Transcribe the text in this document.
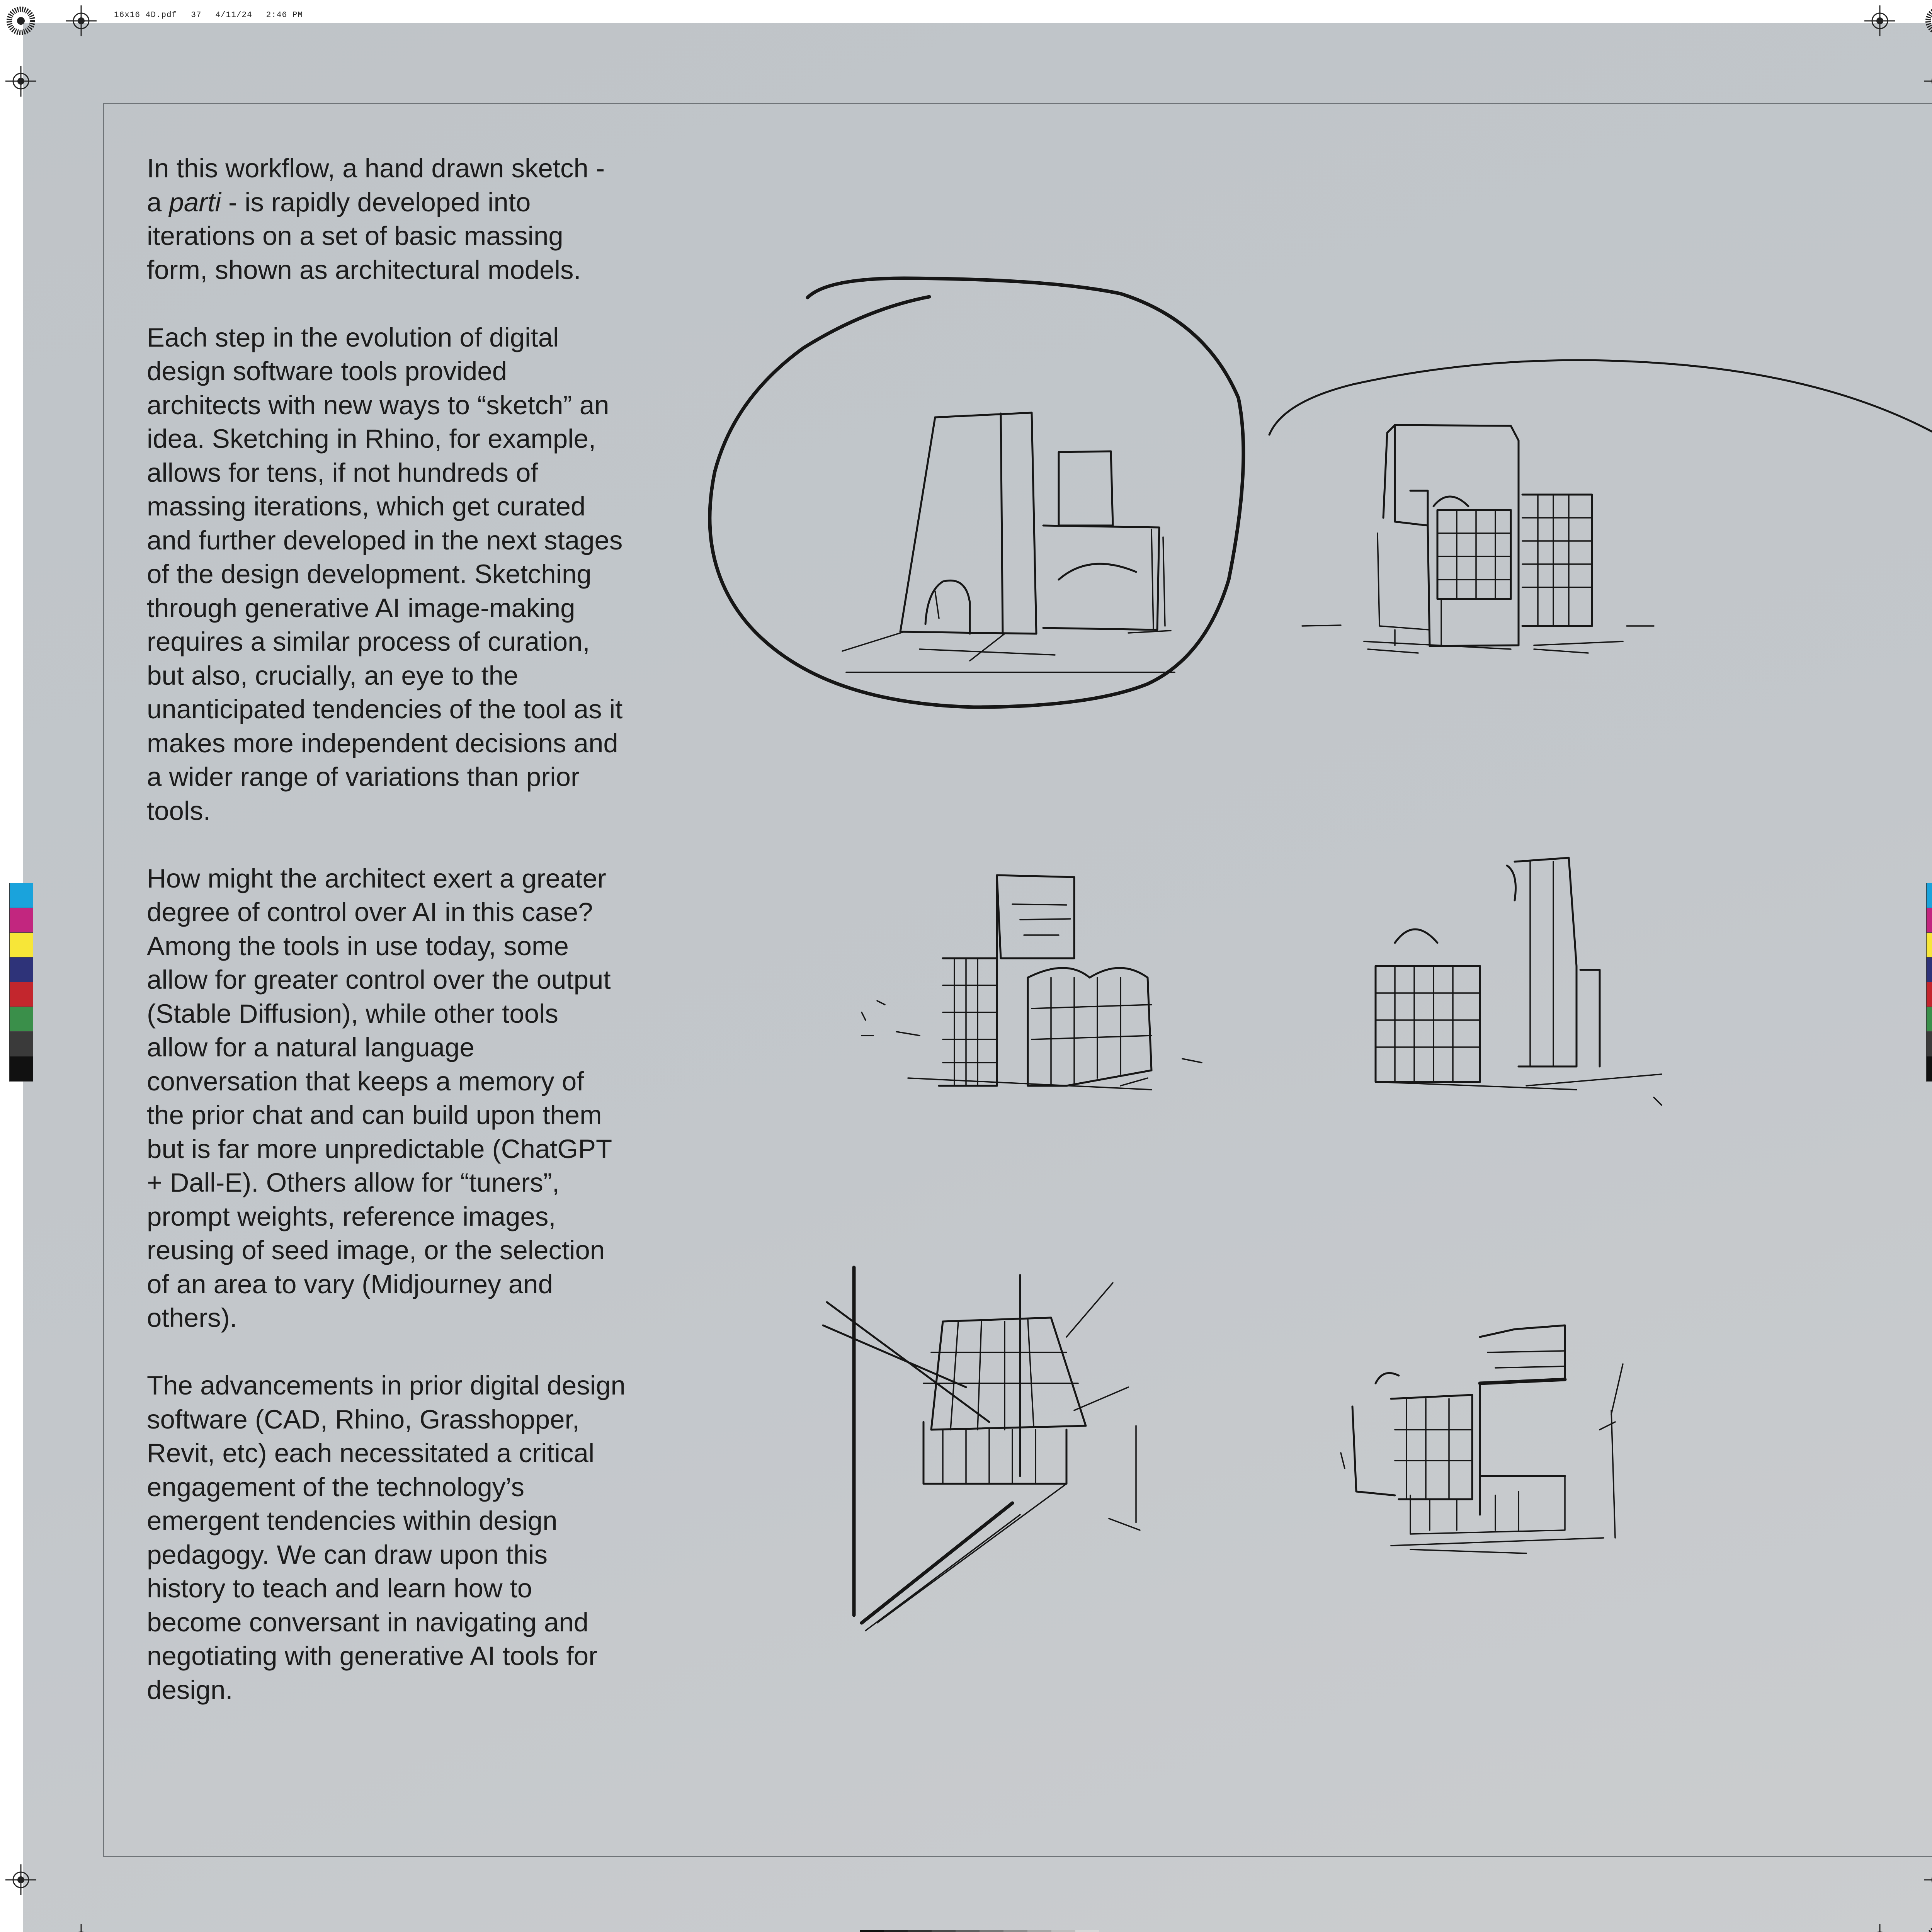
16x16 4D.pdf 37 4/11/24 2:46 PM

In this workflow, a hand drawn sketch - a parti - is rapidly developed into iterations on a set of basic massing form, shown as architectural models.

Each step in the evolution of digital design software tools provided architects with new ways to “sketch” an idea. Sketching in Rhino, for example, allows for tens, if not hundreds of massing iterations, which get curated and further developed in the next stages of the design development. Sketching through generative AI image-making requires a similar process of curation, but also, crucially, an eye to the unanticipated tendencies of the tool as it makes more independent decisions and a wider range of variations than prior tools.

How might the architect exert a greater degree of control over AI in this case? Among the tools in use today, some allow for greater control over the output (Stable Diffusion), while other tools allow for a natural language conversation that keeps a memory of the prior chat and can build upon them but is far more unpredictable (ChatGPT + Dall-E). Others allow for “tuners”, prompt weights, reference images, reusing of seed image, or the selection of an area to vary (Midjourney and others).

The advancements in prior digital design software (CAD, Rhino, Grasshopper, Revit, etc) each necessitated a critical engagement of the technology’s emergent tendencies within design pedagogy. We can draw upon this history to teach and learn how to become conversant in navigating and negotiating with generative AI tools for design.
